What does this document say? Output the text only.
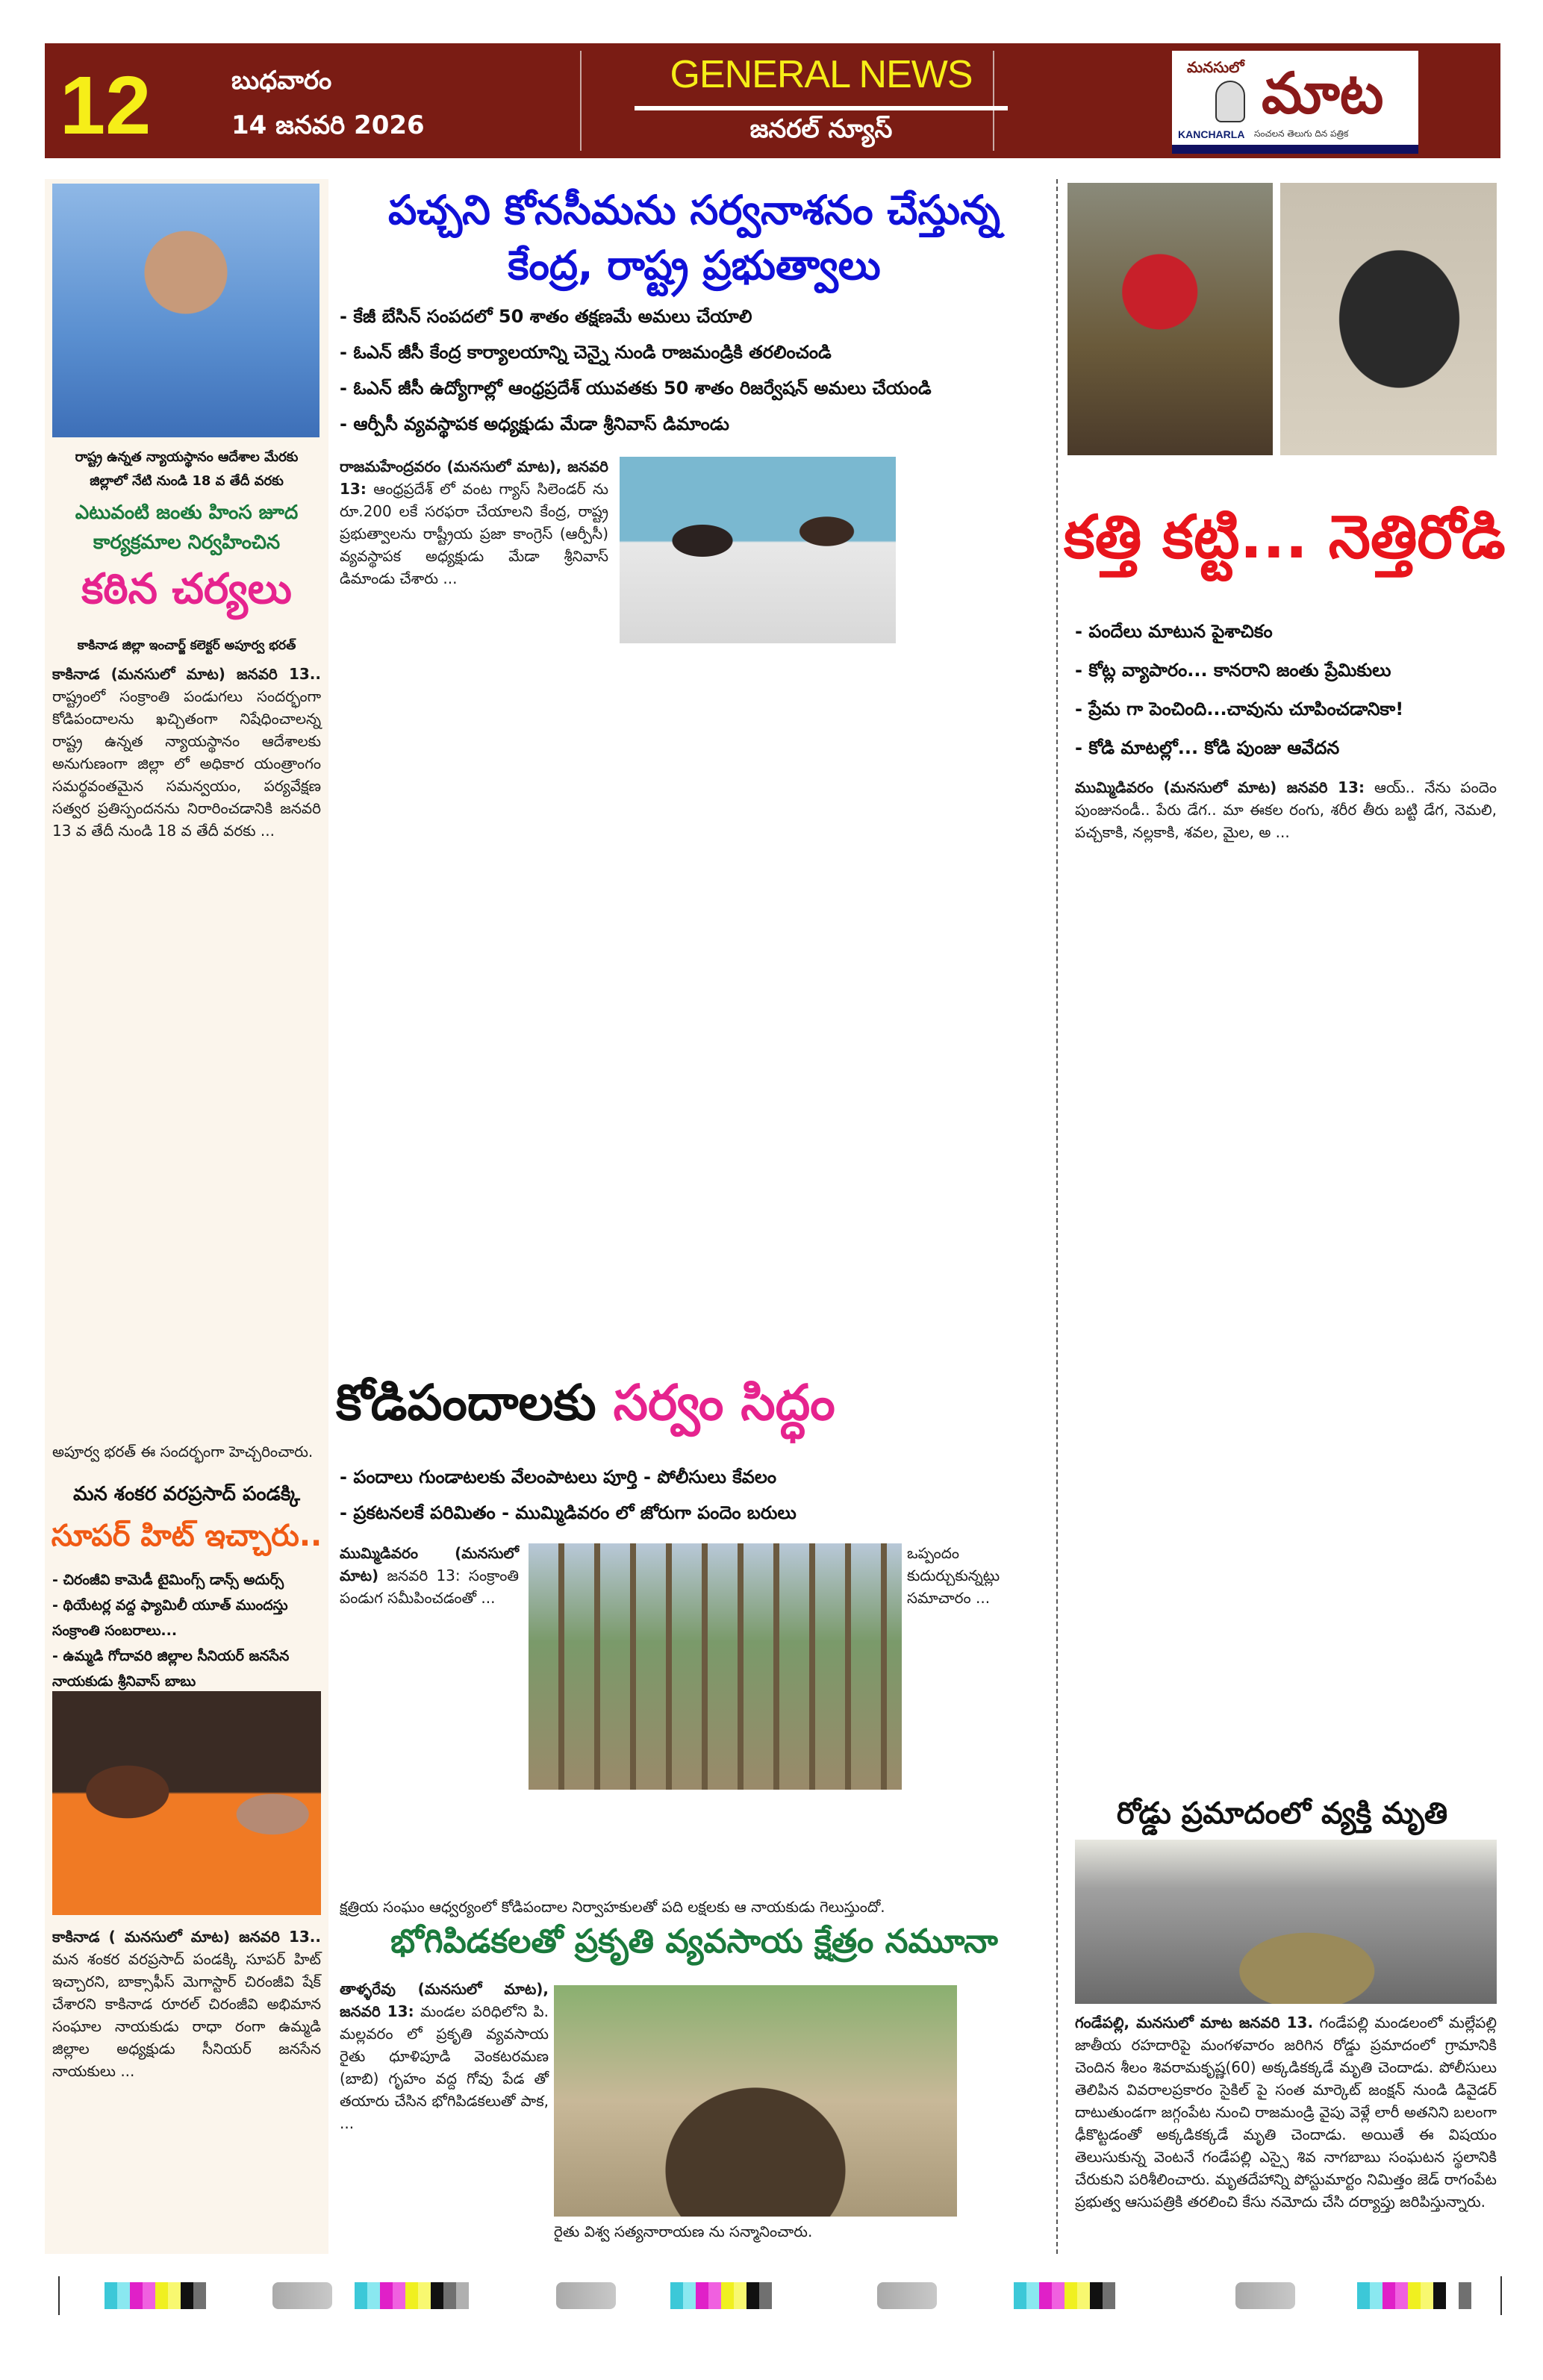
12	బుధవారం
14 జనవరి 2026
GENERAL NEWS
జనరల్ న్యూస్
మనసులో మాట
KANCHARLA సంచలన తెలుగు దిన పత్రిక
రాష్ట్ర ఉన్నత న్యాయస్థానం ఆదేశాల మేరకు
జిల్లాలో నేటి నుండి 18 వ తేదీ వరకు
ఎటువంటి జంతు హింస జూద
కార్యక్రమాల నిర్వహించిన
కఠిన చర్యలు
కాకినాడ జిల్లా ఇంచార్జ్ కలెక్టర్ అపూర్వ భరత్
కాకినాడ (మనసులో మాట) జనవరి 13.. రాష్ట్రంలో సంక్రాంతి పండుగలు సందర్భంగా కోడిపందాలను ఖచ్చితంగా నిషేధించాలన్న రాష్ట్ర ఉన్నత న్యాయస్థానం ఆదేశాలకు అనుగుణంగా జిల్లా లో అధికార యంత్రాంగం సమర్థవంతమైన సమన్వయం, పర్యవేక్షణ సత్వర ప్రతిస్పందనను నిరారించడానికి జనవరి 13 వ తేదీ నుండి 18 వ తేదీ వరకు ...
అపూర్వ భరత్ ఈ సందర్భంగా హెచ్చరించారు.
మన శంకర వరప్రసాద్ పండక్కి
సూపర్ హిట్ ఇచ్చారు..
- చిరంజీవి కామెడీ టైమింగ్స్ డాన్స్ అదుర్స్
- థియేటర్ల వద్ద ఫ్యామిలీ యూత్ ముందస్తు సంక్రాంతి సంబరాలు...
- ఉమ్మడి గోదావరి జిల్లాల సీనియర్ జనసేన నాయకుడు శ్రీనివాస్ బాబు
కాకినాడ ( మనసులో మాట) జనవరి 13.. మన శంకర వరప్రసాద్ పండక్కి సూపర్ హిట్ ఇచ్చారని, బాక్సాఫీస్ మెగాస్టార్ చిరంజీవి షేక్ చేశారని కాకినాడ రూరల్ చిరంజీవి అభిమాన సంఘాల నాయకుడు రాధా రంగా ఉమ్మడి జిల్లాల అధ్యక్షుడు సీనియర్ జనసేన నాయకులు ...
పచ్చని కోనసీమను సర్వనాశనం చేస్తున్న
కేంద్ర, రాష్ట్ర ప్రభుత్వాలు
- కేజీ బేసిన్ సంపదలో 50 శాతం తక్షణమే అమలు చేయాలి
- ఓఎన్ జీసీ కేంద్ర కార్యాలయాన్ని చెన్నై నుండి రాజమండ్రికి తరలించండి
- ఓఎన్ జీసీ ఉద్యోగాల్లో ఆంధ్రప్రదేశ్ యువతకు 50 శాతం రిజర్వేషన్ అమలు చేయండి
- ఆర్పీసీ వ్యవస్థాపక అధ్యక్షుడు మేడా శ్రీనివాస్ డిమాండు
రాజమహేంద్రవరం (మనసులో మాట), జనవరి 13: ఆంధ్రప్రదేశ్ లో వంట గ్యాస్ సిలెండర్ ను రూ.200 లకే సరఫరా చేయాలని కేంద్ర, రాష్ట్ర ప్రభుత్వాలను రాష్ట్రీయ ప్రజా కాంగ్రెస్ (ఆర్పీసీ) వ్యవస్థాపక అధ్యక్షుడు మేడా శ్రీనివాస్ డిమాండు చేశారు ...
కోడిపందాలకు సర్వం సిద్ధం
- పందాలు గుండాటలకు వేలంపాటలు పూర్తి - పోలీసులు కేవలం
- ప్రకటనలకే పరిమితం - ముమ్మిడివరం లో జోరుగా పందెం బరులు
ముమ్మిడివరం (మనసులో మాట) జనవరి 13: సంక్రాంతి పండుగ సమీపించడంతో ...
ఒప్పందం కుదుర్చుకున్నట్లు సమాచారం ...
క్షత్రియ సంఘం ఆధ్వర్యంలో కోడిపందాల నిర్వాహకులతో పది లక్షలకు ఆ నాయకుడు గెలుస్తుందో.
భోగిపిడకలతో ప్రకృతి వ్యవసాయ క్షేత్రం నమూనా
తాళ్ళరేవు (మనసులో మాట), జనవరి 13: మండల పరిధిలోని పి. మల్లవరం లో ప్రకృతి వ్యవసాయ రైతు ధూళిపూడి వెంకటరమణ (బాబి) గృహం వద్ద గోవు పేడ తో తయారు చేసిన భోగిపిడకలుతో పాక, ...
రైతు విశ్వ సత్యనారాయణ ను సన్మానించారు.
కత్తి కట్టి... నెత్తిరోడి
- పందేలు మాటున పైశాచికం
- కోట్ల వ్యాపారం... కానరాని జంతు ప్రేమికులు
- ప్రేమ గా పెంచింది...చావును చూపించడానికా!
- కోడి మాటల్లో... కోడి పుంజు ఆవేదన
ముమ్మిడివరం (మనసులో మాట) జనవరి 13: ఆయ్.. నేను పందెం పుంజునండీ.. పేరు డేగ.. మా ఈకల రంగు, శరీర తీరు బట్టి డేగ, నెమలి, పచ్చకాకి, నల్లకాకి, శవల, మైల, అ ...
రోడ్డు ప్రమాదంలో వ్యక్తి మృతి
గండేపల్లి, మనసులో మాట జనవరి 13. గండేపల్లి మండలంలో మల్లేపల్లి జాతీయ రహదారిపై మంగళవారం జరిగిన రోడ్డు ప్రమాదంలో గ్రామానికి చెందిన శీలం శివరామకృష్ణ(60) అక్కడికక్కడే మృతి చెందాడు. పోలీసులు తెలిపిన వివరాలప్రకారం సైకిల్ పై సంత మార్కెట్ జంక్షన్ నుండి డివైడర్ దాటుతుండగా జగ్గంపేట నుంచి రాజమండ్రి వైపు వెళ్లే లారీ అతనిని బలంగా ఢీకొట్టడంతో అక్కడికక్కడే మృతి చెందాడు. అయితే ఈ విషయం తెలుసుకున్న వెంటనే గండేపల్లి ఎస్సై శివ నాగబాబు సంఘటన స్థలానికి చేరుకుని పరిశీలించారు. మృతదేహాన్ని పోస్టుమార్టం నిమిత్తం జెడ్ రాగంపేట ప్రభుత్వ ఆసుపత్రికి తరలించి కేసు నమోదు చేసి దర్యాప్తు జరిపిస్తున్నారు.
